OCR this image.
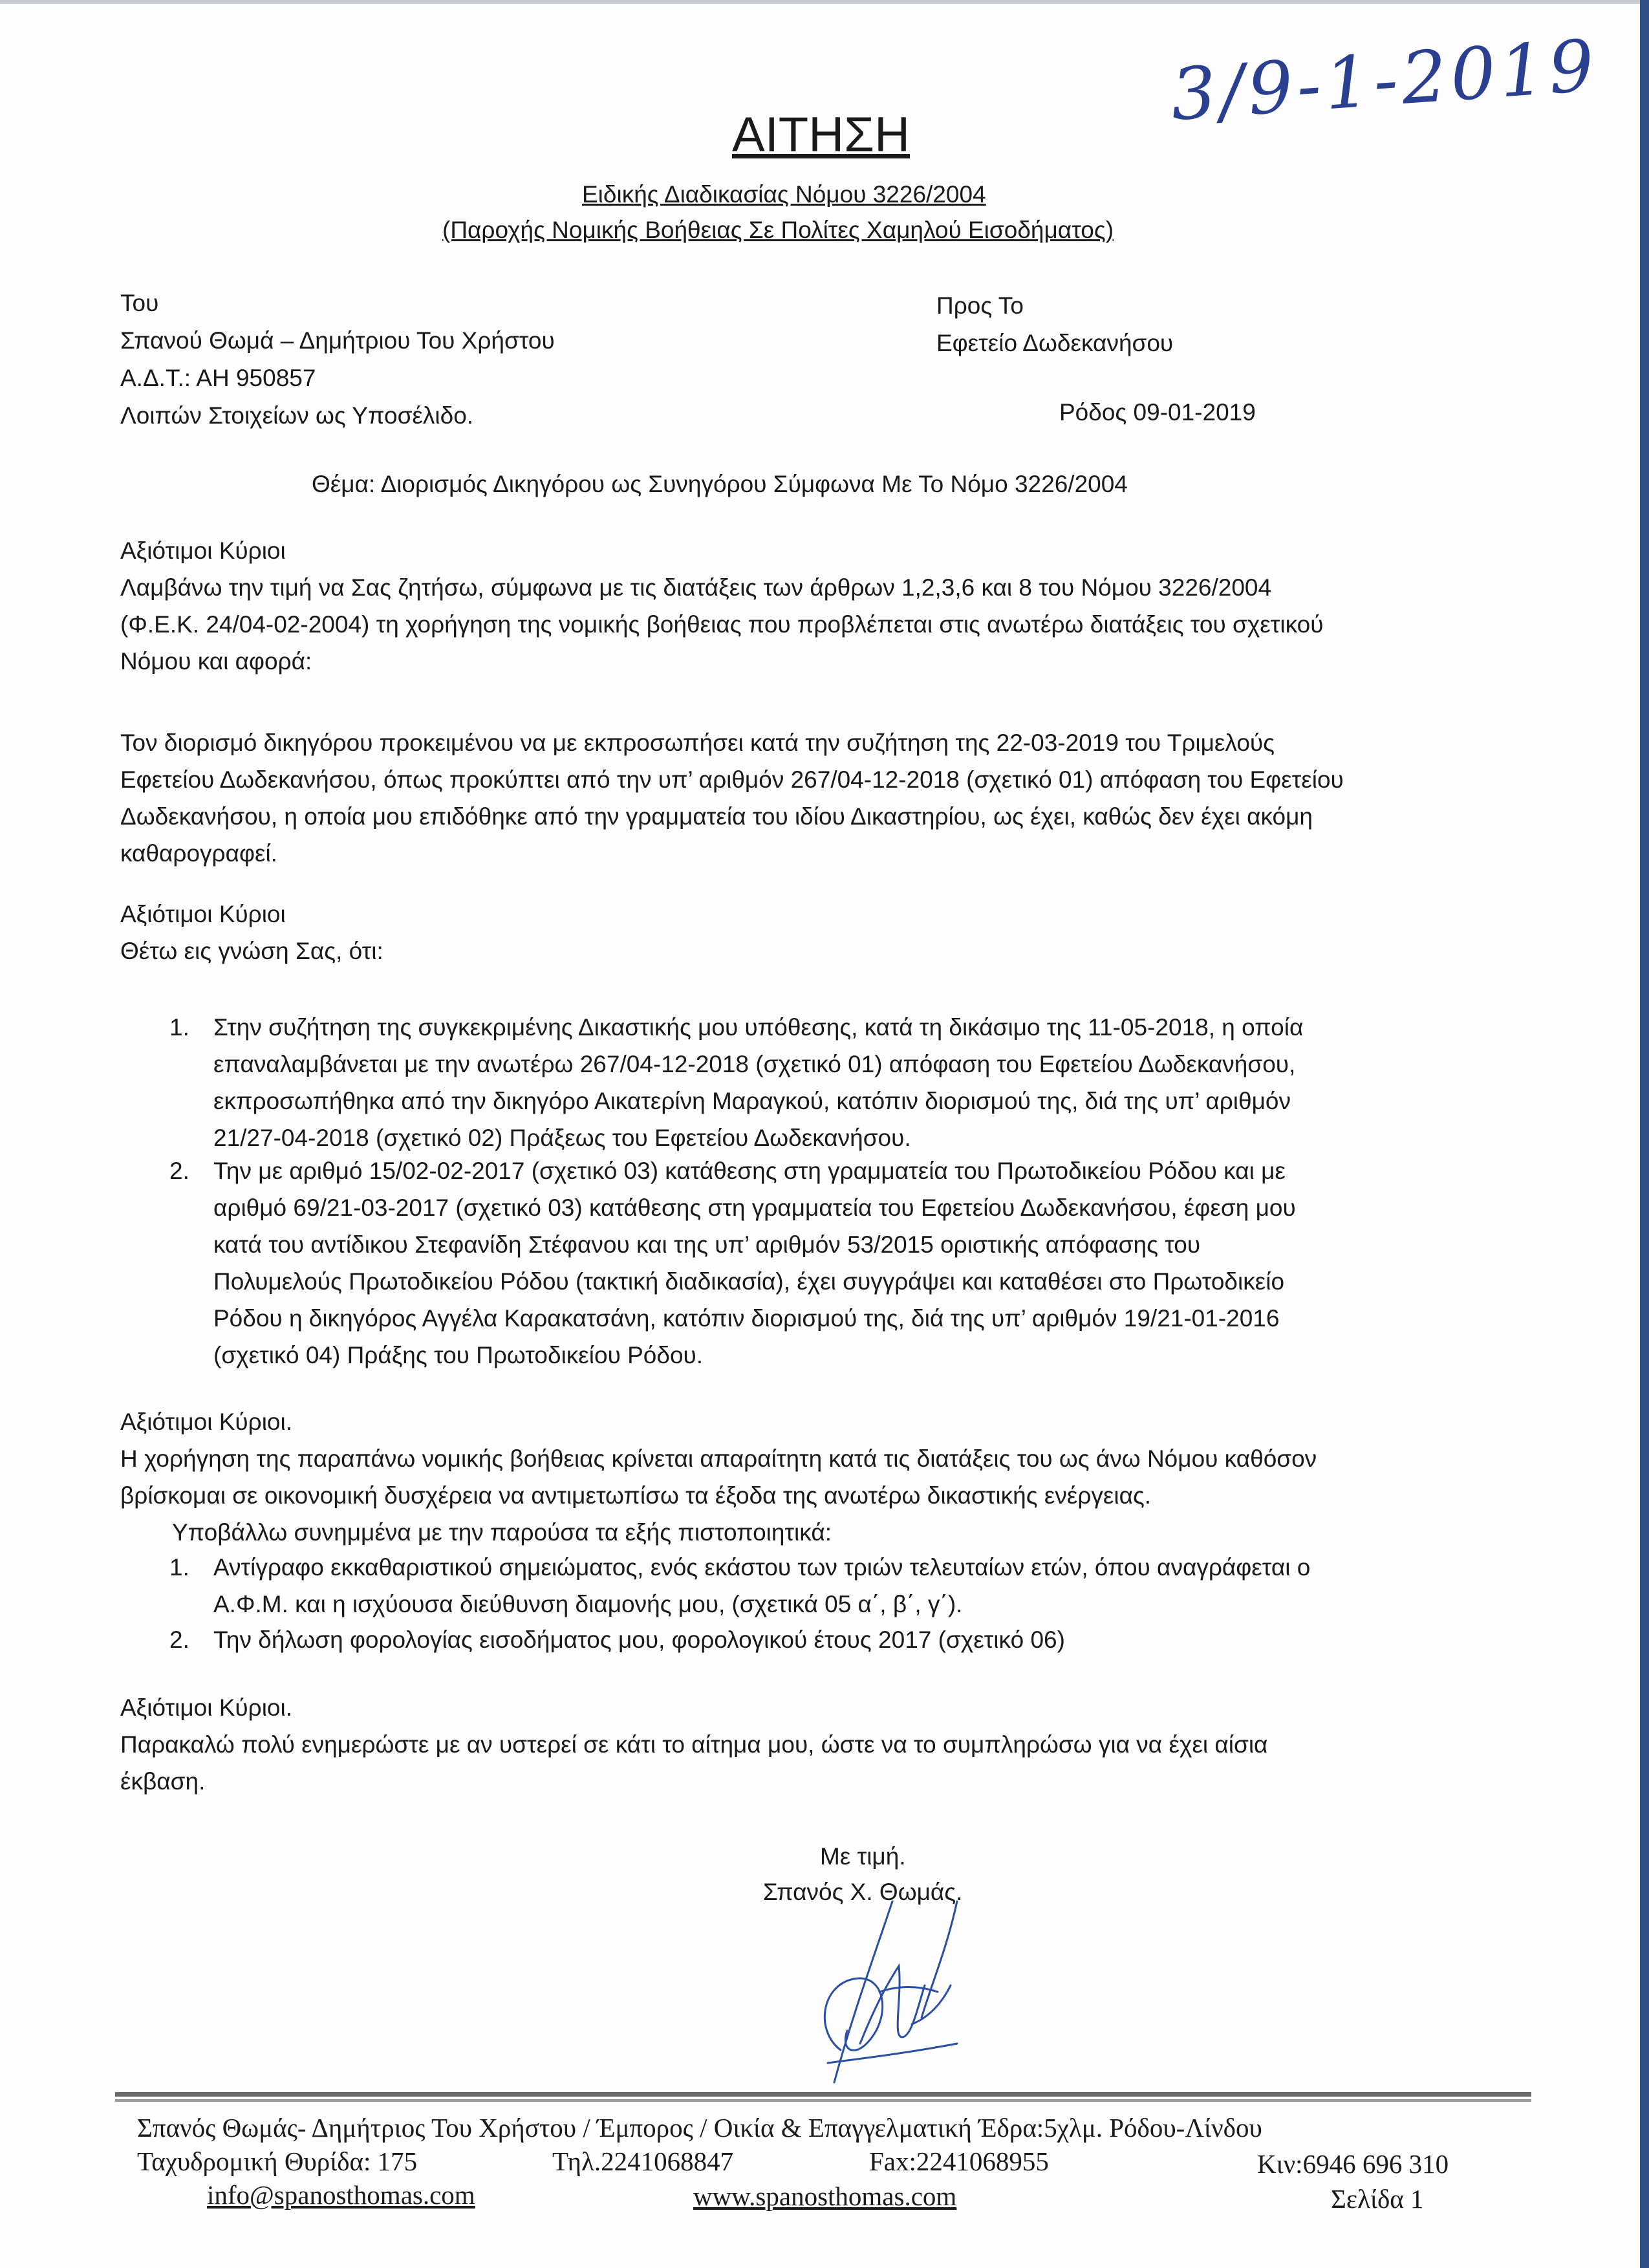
3/9-1-2019
ΑΙΤΗΣΗ
Ειδικής Διαδικασίας Νόμου 3226/2004
(Παροχής Νομικής Βοήθειας Σε Πολίτες Χαμηλού Εισοδήματος)
Του
Σπανού Θωμά – Δημήτριου Του Χρήστου
Α.Δ.Τ.: ΑΗ 950857
Λοιπών Στοιχείων ως Υποσέλιδο.
Προς Το
Εφετείο Δωδεκανήσου
Ρόδος 09-01-2019
Θέμα: Διορισμός Δικηγόρου ως Συνηγόρου Σύμφωνα Με Το Νόμο 3226/2004
Αξιότιμοι Κύριοι
Λαμβάνω την τιμή να Σας ζητήσω, σύμφωνα με τις διατάξεις των άρθρων 1,2,3,6 και 8 του Νόμου 3226/2004
(Φ.Ε.Κ. 24/04-02-2004) τη χορήγηση της νομικής βοήθειας που προβλέπεται στις ανωτέρω διατάξεις του σχετικού
Νόμου και αφορά:
Τον διορισμό δικηγόρου προκειμένου να με εκπροσωπήσει κατά την συζήτηση της 22-03-2019 του Τριμελούς
Εφετείου Δωδεκανήσου, όπως προκύπτει από την υπ’ αριθμόν 267/04-12-2018 (σχετικό 01) απόφαση του Εφετείου
Δωδεκανήσου, η οποία μου επιδόθηκε από την γραμματεία του ιδίου Δικαστηρίου, ως έχει, καθώς δεν έχει ακόμη
καθαρογραφεί.
Αξιότιμοι Κύριοι
Θέτω εις γνώση Σας, ότι:
1. Στην συζήτηση της συγκεκριμένης Δικαστικής μου υπόθεσης, κατά τη δικάσιμο της 11-05-2018, η οποία
επαναλαμβάνεται με την ανωτέρω 267/04-12-2018 (σχετικό 01) απόφαση του Εφετείου Δωδεκανήσου,
εκπροσωπήθηκα από την δικηγόρο Αικατερίνη Μαραγκού, κατόπιν διορισμού της, διά της υπ’ αριθμόν
21/27-04-2018 (σχετικό 02) Πράξεως του Εφετείου Δωδεκανήσου.
2. Την με αριθμό 15/02-02-2017 (σχετικό 03) κατάθεσης στη γραμματεία του Πρωτοδικείου Ρόδου και με
αριθμό 69/21-03-2017 (σχετικό 03) κατάθεσης στη γραμματεία του Εφετείου Δωδεκανήσου, έφεση μου
κατά του αντίδικου Στεφανίδη Στέφανου και της υπ’ αριθμόν 53/2015 οριστικής απόφασης του
Πολυμελούς Πρωτοδικείου Ρόδου (τακτική διαδικασία), έχει συγγράψει και καταθέσει στο Πρωτοδικείο
Ρόδου η δικηγόρος Αγγέλα Καρακατσάνη, κατόπιν διορισμού της, διά της υπ’ αριθμόν 19/21-01-2016
(σχετικό 04) Πράξης του Πρωτοδικείου Ρόδου.
Αξιότιμοι Κύριοι.
Η χορήγηση της παραπάνω νομικής βοήθειας κρίνεται απαραίτητη κατά τις διατάξεις του ως άνω Νόμου καθόσον
βρίσκομαι σε οικονομική δυσχέρεια να αντιμετωπίσω τα έξοδα της ανωτέρω δικαστικής ενέργειας.
Υποβάλλω συνημμένα με την παρούσα τα εξής πιστοποιητικά:
1. Αντίγραφο εκκαθαριστικού σημειώματος, ενός εκάστου των τριών τελευταίων ετών, όπου αναγράφεται ο
Α.Φ.Μ. και η ισχύουσα διεύθυνση διαμονής μου, (σχετικά 05 α΄, β΄, γ΄).
2. Την δήλωση φορολογίας εισοδήματος μου, φορολογικού έτους 2017 (σχετικό 06)
Αξιότιμοι Κύριοι.
Παρακαλώ πολύ ενημερώστε με αν υστερεί σε κάτι το αίτημα μου, ώστε να το συμπληρώσω για να έχει αίσια
έκβαση.
Με τιμή.
Σπανός Χ. Θωμάς.
Σπανός Θωμάς- Δημήτριος Του Χρήστου / Έμπορος / Οικία & Επαγγελματική Έδρα:5χλμ. Ρόδου-Λίνδου
Ταχυδρομική Θυρίδα: 175	Τηλ.2241068847	Fax:2241068955	Κιν:6946 696 310
info@spanosthomas.com	www.spanosthomas.com	Σελίδα 1
